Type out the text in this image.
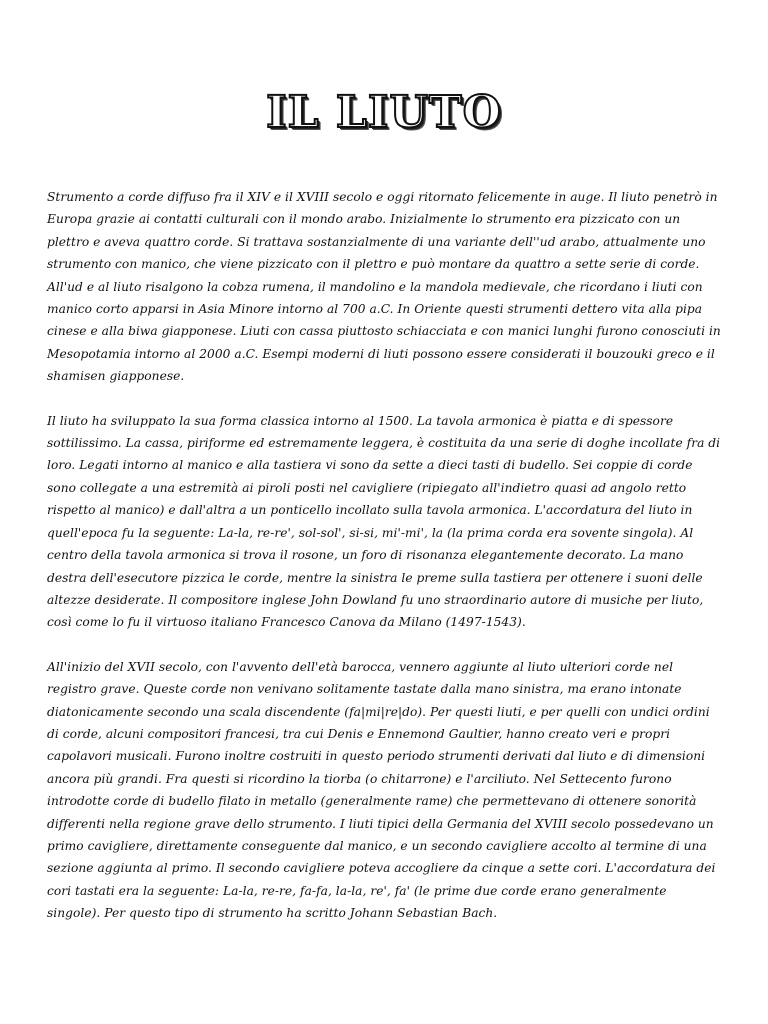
IL LIUTO

Strumento a corde diffuso fra il XIV e il XVIII secolo e oggi ritornato felicemente in auge. Il liuto penetrò in Europa grazie ai contatti culturali con il mondo arabo. Inizialmente lo strumento era pizzicato con un plettro e aveva quattro corde. Si trattava sostanzialmente di una variante dell''ud arabo, attualmente uno strumento con manico, che viene pizzicato con il plettro e può montare da quattro a sette serie di corde. All'ud e al liuto risalgono la cobza rumena, il mandolino e la mandola medievale, che ricordano i liuti con manico corto apparsi in Asia Minore intorno al 700 a.C. In Oriente questi strumenti dettero vita alla pipa cinese e alla biwa giapponese. Liuti con cassa piuttosto schiacciata e con manici lunghi furono conosciuti in Mesopotamia intorno al 2000 a.C. Esempi moderni di liuti possono essere considerati il bouzouki greco e il shamisen giapponese.

Il liuto ha sviluppato la sua forma classica intorno al 1500. La tavola armonica è piatta e di spessore sottilissimo. La cassa, piriforme ed estremamente leggera, è costituita da una serie di doghe incollate fra di loro. Legati intorno al manico e alla tastiera vi sono da sette a dieci tasti di budello. Sei coppie di corde sono collegate a una estremità ai piroli posti nel cavigliere (ripiegato all'indietro quasi ad angolo retto rispetto al manico) e dall'altra a un ponticello incollato sulla tavola armonica. L'accordatura del liuto in quell'epoca fu la seguente: La-la, re-re', sol-sol', si-si, mi'-mi', la (la prima corda era sovente singola). Al centro della tavola armonica si trova il rosone, un foro di risonanza elegantemente decorato. La mano destra dell'esecutore pizzica le corde, mentre la sinistra le preme sulla tastiera per ottenere i suoni delle altezze desiderate. Il compositore inglese John Dowland fu uno straordinario autore di musiche per liuto, così come lo fu il virtuoso italiano Francesco Canova da Milano (1497-1543).

All'inizio del XVII secolo, con l'avvento dell'età barocca, vennero aggiunte al liuto ulteriori corde nel registro grave. Queste corde non venivano solitamente tastate dalla mano sinistra, ma erano intonate diatonicamente secondo una scala discendente (fa|mi|re|do). Per questi liuti, e per quelli con undici ordini di corde, alcuni compositori francesi, tra cui Denis e Ennemond Gaultier, hanno creato veri e propri capolavori musicali. Furono inoltre costruiti in questo periodo strumenti derivati dal liuto e di dimensioni ancora più grandi. Fra questi si ricordino la tiorba (o chitarrone) e l'arciliuto. Nel Settecento furono introdotte corde di budello filato in metallo (generalmente rame) che permettevano di ottenere sonorità differenti nella regione grave dello strumento. I liuti tipici della Germania del XVIII secolo possedevano un primo cavigliere, direttamente conseguente dal manico, e un secondo cavigliere accolto al termine di una sezione aggiunta al primo. Il secondo cavigliere poteva accogliere da cinque a sette cori. L'accordatura dei cori tastati era la seguente: La-la, re-re, fa-fa, la-la, re', fa' (le prime due corde erano generalmente singole). Per questo tipo di strumento ha scritto Johann Sebastian Bach.
